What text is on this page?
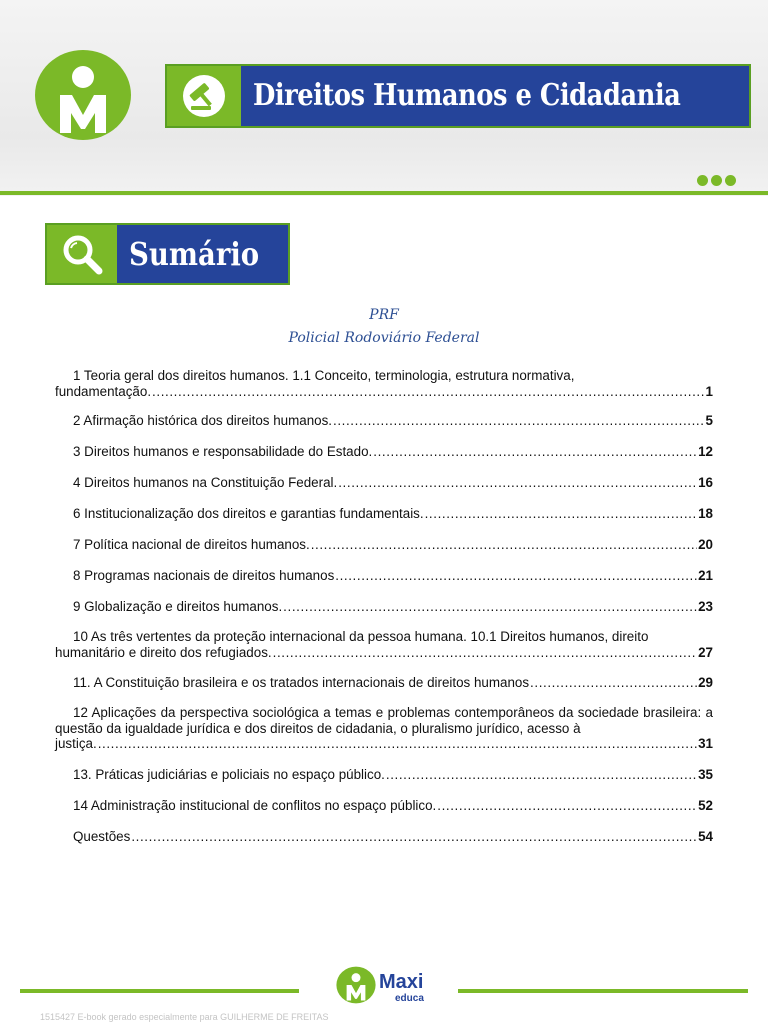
Direitos Humanos e Cidadania
Sumário
PRF
Policial Rodoviário Federal
1 Teoria geral dos direitos humanos. 1.1 Conceito, terminologia, estrutura normativa,
fundamentação. .....	1
2 Afirmação histórica dos direitos humanos. .....	5
3 Direitos humanos e responsabilidade do Estado. .....	12
4 Direitos humanos na Constituição Federal. .....	16
6 Institucionalização dos direitos e garantias fundamentais. .....	18
7 Política nacional de direitos humanos. .....	20
8 Programas nacionais de direitos humanos .....	21
9 Globalização e direitos humanos. .....	23
10 As três vertentes da proteção internacional da pessoa humana. 10.1 Direitos humanos, direito
humanitário e direito dos refugiados. .....	27
11. A Constituição brasileira e os tratados internacionais de direitos humanos .....	29
12 Aplicações da perspectiva sociológica a temas e problemas contemporâneos da sociedade brasileira: a questão da igualdade jurídica e dos direitos de cidadania, o pluralismo jurídico, acesso à
justiça. .....	31
13. Práticas judiciárias e policiais no espaço público. .....	35
14 Administração institucional de conflitos no espaço público. .....	52
Questões .....	54
Maxi
educa
1515427 E-book gerado especialmente para GUILHERME DE FREITAS
